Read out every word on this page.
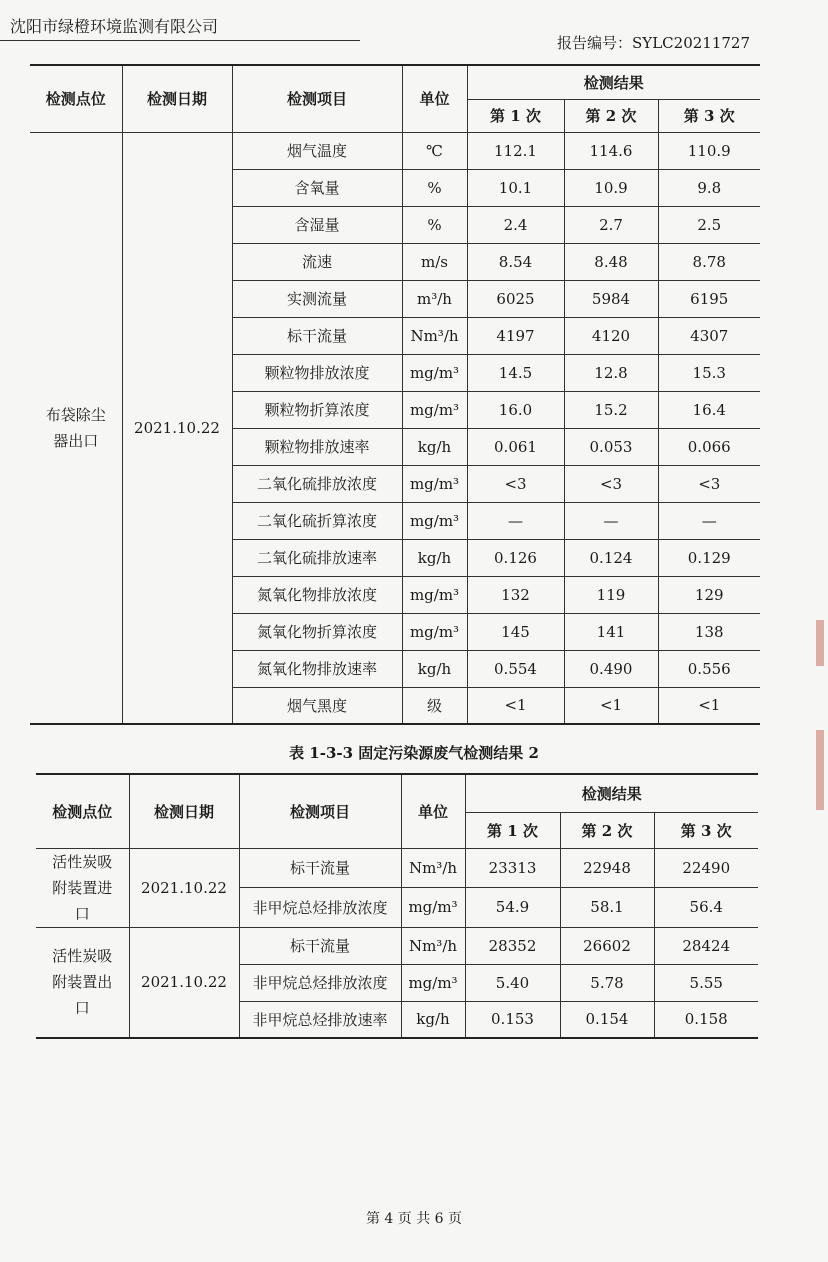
沈阳市绿橙环境监测有限公司
报告编号：SYLC20211727
检测点位	检测日期	检测项目	单位	检测结果		
				第 1 次	第 2 次	第 3 次
布袋除尘器出口	2021.10.22	烟气温度	℃	112.1	114.6	110.9
		含氧量	%	10.1	10.9	9.8
		含湿量	%	2.4	2.7	2.5
		流速	m/s	8.54	8.48	8.78
		实测流量	m³/h	6025	5984	6195
		标干流量	Nm³/h	4197	4120	4307
		颗粒物排放浓度	mg/m³	14.5	12.8	15.3
		颗粒物折算浓度	mg/m³	16.0	15.2	16.4
		颗粒物排放速率	kg/h	0.061	0.053	0.066
		二氧化硫排放浓度	mg/m³	<3	<3	<3
		二氧化硫折算浓度	mg/m³	—	—	—
		二氧化硫排放速率	kg/h	0.126	0.124	0.129
		氮氧化物排放浓度	mg/m³	132	119	129
		氮氧化物折算浓度	mg/m³	145	141	138
		氮氧化物排放速率	kg/h	0.554	0.490	0.556
		烟气黑度	级	<1	<1	<1
表 1-3-3 固定污染源废气检测结果 2
检测点位	检测日期	检测项目	单位	检测结果		
				第 1 次	第 2 次	第 3 次
活性炭吸附装置进口	2021.10.22	标干流量	Nm³/h	23313	22948	22490
		非甲烷总烃排放浓度	mg/m³	54.9	58.1	56.4
活性炭吸附装置出口	2021.10.22	标干流量	Nm³/h	28352	26602	28424
		非甲烷总烃排放浓度	mg/m³	5.40	5.78	5.55
		非甲烷总烃排放速率	kg/h	0.153	0.154	0.158
第 4 页 共 6 页
